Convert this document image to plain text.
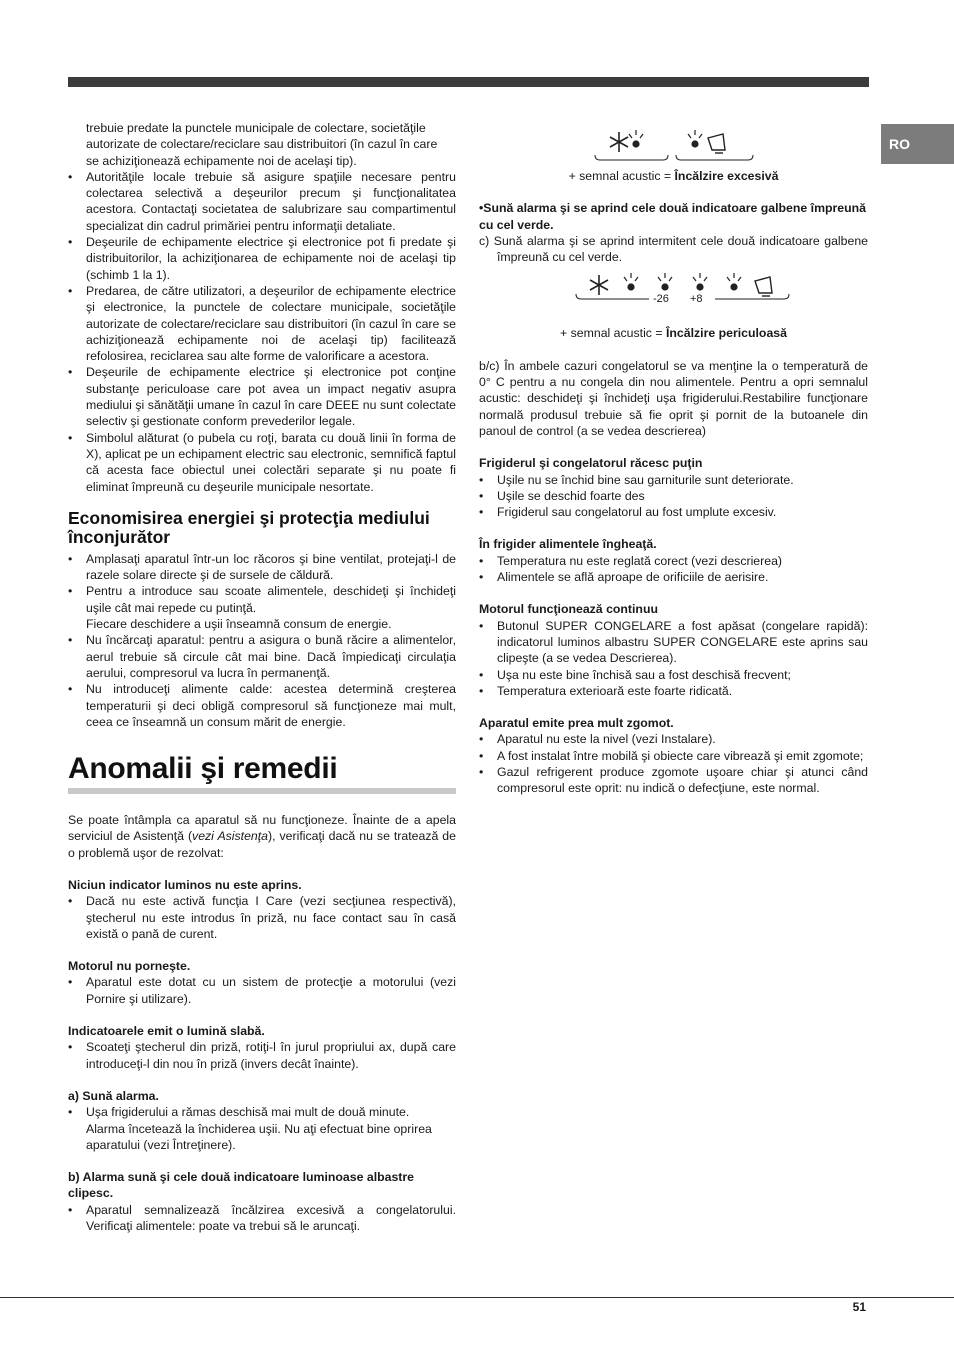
RO
trebuie predate la punctele municipale de colectare, societăţile
autorizate de colectare/reciclare sau distribuitori (în cazul în care
se achiziţionează echipamente noi de acelaşi tip).
• Autorităţile locale trebuie să asigure spaţiile necesare pentru colectarea selectivă a deşeurilor precum şi funcţionalitatea acestora. Contactaţi societatea de salubrizare sau compartimentul specializat din cadrul primăriei pentru informaţii detaliate.
• Deşeurile de echipamente electrice şi electronice pot fi predate şi distribuitorilor, la achiziţionarea de echipamente noi de acelaşi tip (schimb 1 la 1).
• Predarea, de către utilizatori, a deşeurilor de echipamente electrice şi electronice, la punctele de colectare municipale, societăţile autorizate de colectare/reciclare sau distribuitori (în cazul în care se achiziţionează echipamente noi de acelaşi tip) facilitează refolosirea, reciclarea sau alte forme de valorificare a acestora.
• Deşeurile de echipamente electrice şi electronice pot conţine substanţe periculoase care pot avea un impact negativ asupra mediului şi sănătăţii umane în cazul în care DEEE nu sunt colectate selectiv şi gestionate conform prevederilor legale.
• Simbolul alăturat (o pubela cu roţi, barata cu două linii în forma de X), aplicat pe un echipament electric sau electronic, semnifică faptul că acesta face obiectul unei colectări separate şi nu poate fi eliminat împreună cu deşeurile municipale nesortate.
Economisirea energiei şi protecţia mediului înconjurător
• Amplasaţi aparatul într-un loc răcoros şi bine ventilat, protejaţi-l de razele solare directe şi de sursele de căldură.
• Pentru a introduce sau scoate alimentele, deschideţi şi închideţi uşile cât mai repede cu putinţă.
Fiecare deschidere a uşii înseamnă consum de energie.
• Nu încărcaţi aparatul: pentru a asigura o bună răcire a alimentelor, aerul trebuie să circule cât mai bine. Dacă împiedicaţi circulaţia aerului, compresorul va lucra în permanenţă.
• Nu introduceţi alimente calde: acestea determină creşterea temperaturii şi deci obligă compresorul să funcţioneze mai mult, ceea ce înseamnă un consum mărit de energie.
Anomalii şi remedii
Se poate întâmpla ca aparatul să nu funcţioneze. Înainte de a apela serviciul de Asistenţă (vezi Asistenţa), verificaţi dacă nu se tratează de o problemă uşor de rezolvat:
Niciun indicator luminos nu este aprins.
• Dacă nu este activă funcţia I Care (vezi secţiunea respectivă), ştecherul nu este introdus în priză, nu face contact sau în casă există o pană de curent.
Motorul nu porneşte.
• Aparatul este dotat cu un sistem de protecţie a motorului (vezi Pornire şi utilizare).
Indicatoarele emit o lumină slabă.
• Scoateţi ştecherul din priză, rotiţi-l în jurul propriului ax, după care introduceţi-l din nou în priză (invers decât înainte).
a) Sună alarma.
• Uşa frigiderului a rămas deschisă mai mult de două minute.
Alarma încetează la închiderea uşii. Nu aţi efectuat bine oprirea aparatului (vezi Întreţinere).
b) Alarma sună şi cele două indicatoare luminoase albastre clipesc.
• Aparatul semnalizează încălzirea excesivă a congelatorului. Verificaţi alimentele: poate va trebui să le aruncaţi.
+ semnal acustic = Încălzire excesivă
•Sună alarma şi se aprind cele două indicatoare galbene împreună cu cel verde.
c) Sună alarma şi se aprind intermitent cele două indicatoare galbene împreună cu cel verde.
-26 +8
+ semnal acustic = Încălzire periculoasă
b/c) În ambele cazuri congelatorul se va menţine la o temperatură de 0° C pentru a nu congela din nou alimentele. Pentru a opri semnalul acustic: deschideţi şi închideţi uşa frigiderului.Restabilire funcţionare normală produsul trebuie să fie oprit şi pornit de la butoanele din panoul de control (a se vedea descrierea)
Frigiderul şi congelatorul răcesc puţin
• Uşile nu se închid bine sau garniturile sunt deteriorate.
• Uşile se deschid foarte des
• Frigiderul sau congelatorul au fost umplute excesiv.
În frigider alimentele îngheaţă.
• Temperatura nu este reglată corect (vezi descrierea)
• Alimentele se află aproape de orificiile de aerisire.
Motorul funcţionează continuu
• Butonul SUPER CONGELARE a fost apăsat (congelare rapidă): indicatorul luminos albastru SUPER CONGELARE este aprins sau clipeşte (a se vedea Descrierea).
• Uşa nu este bine închisă sau a fost deschisă frecvent;
• Temperatura exterioară este foarte ridicată.
Aparatul emite prea mult zgomot.
• Aparatul nu este la nivel (vezi Instalare).
• A fost instalat între mobilă şi obiecte care vibrează şi emit zgomote;
• Gazul refrigerent produce zgomote uşoare chiar şi atunci când compresorul este oprit: nu indică o defecţiune, este normal.
51
